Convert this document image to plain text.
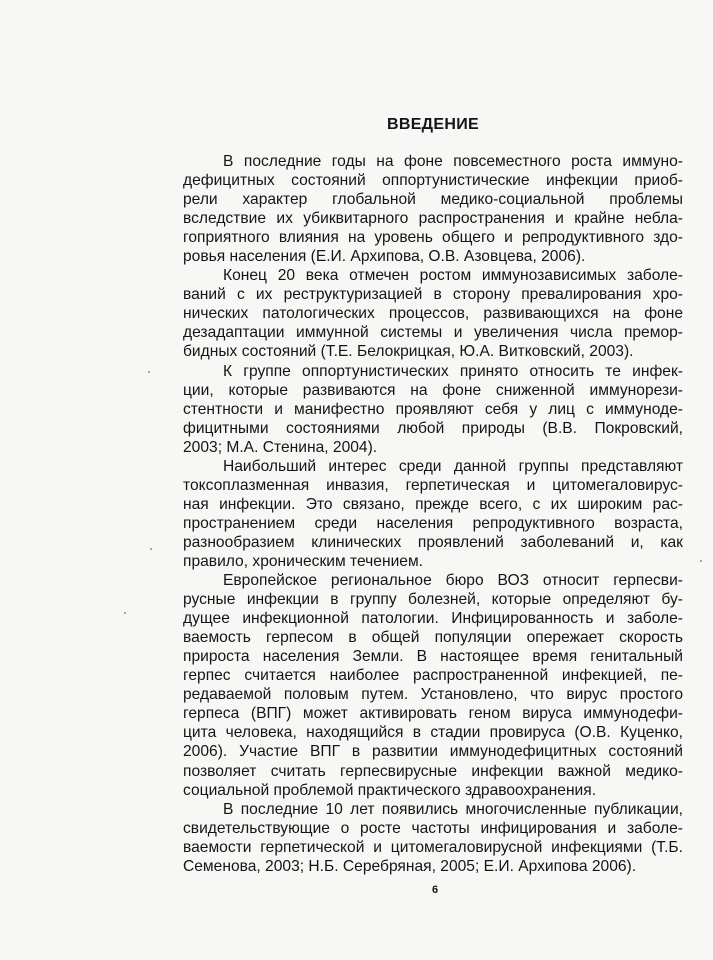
ВВЕДЕНИЕ
В последние годы на фоне повсеместного роста иммуно-
дефицитных состояний оппортунистические инфекции приоб-
рели характер глобальной медико-социальной проблемы
вследствие их убиквитарного распространения и крайне небла-
гоприятного влияния на уровень общего и репродуктивного здо-
ровья населения (Е.И. Архипова, О.В. Азовцева, 2006).
Конец 20 века отмечен ростом иммунозависимых заболе-
ваний с их реструктуризацией в сторону превалирования хро-
нических патологических процессов, развивающихся на фоне
дезадаптации иммунной системы и увеличения числа премор-
бидных состояний (Т.Е. Белокрицкая, Ю.А. Витковский, 2003).
К группе оппортунистических принято относить те инфек-
ции, которые развиваются на фоне сниженной иммунорези-
стентности и манифестно проявляют себя у лиц с иммуноде-
фицитными состояниями любой природы (В.В. Покровский,
2003; М.А. Стенина, 2004).
Наибольший интерес среди данной группы представляют
токсоплазменная инвазия, герпетическая и цитомегаловирус-
ная инфекции. Это связано, прежде всего, с их широким рас-
пространением среди населения репродуктивного возраста,
разнообразием клинических проявлений заболеваний и, как
правило, хроническим течением.
Европейское региональное бюро ВОЗ относит герпесви-
русные инфекции в группу болезней, которые определяют бу-
дущее инфекционной патологии. Инфицированность и заболе-
ваемость герпесом в общей популяции опережает скорость
прироста населения Земли. В настоящее время генитальный
герпес считается наиболее распространенной инфекцией, пе-
редаваемой половым путем. Установлено, что вирус простого
герпеса (ВПГ) может активировать геном вируса иммунодефи-
цита человека, находящийся в стадии провируса (О.В. Куценко,
2006). Участие ВПГ в развитии иммунодефицитных состояний
позволяет считать герпесвирусные инфекции важной медико-
социальной проблемой практического здравоохранения.
В последние 10 лет появились многочисленные публикации,
свидетельствующие о росте частоты инфицирования и заболе-
ваемости герпетической и цитомегаловирусной инфекциями (Т.Б.
Семенова, 2003; Н.Б. Серебряная, 2005; Е.И. Архипова 2006).
6
